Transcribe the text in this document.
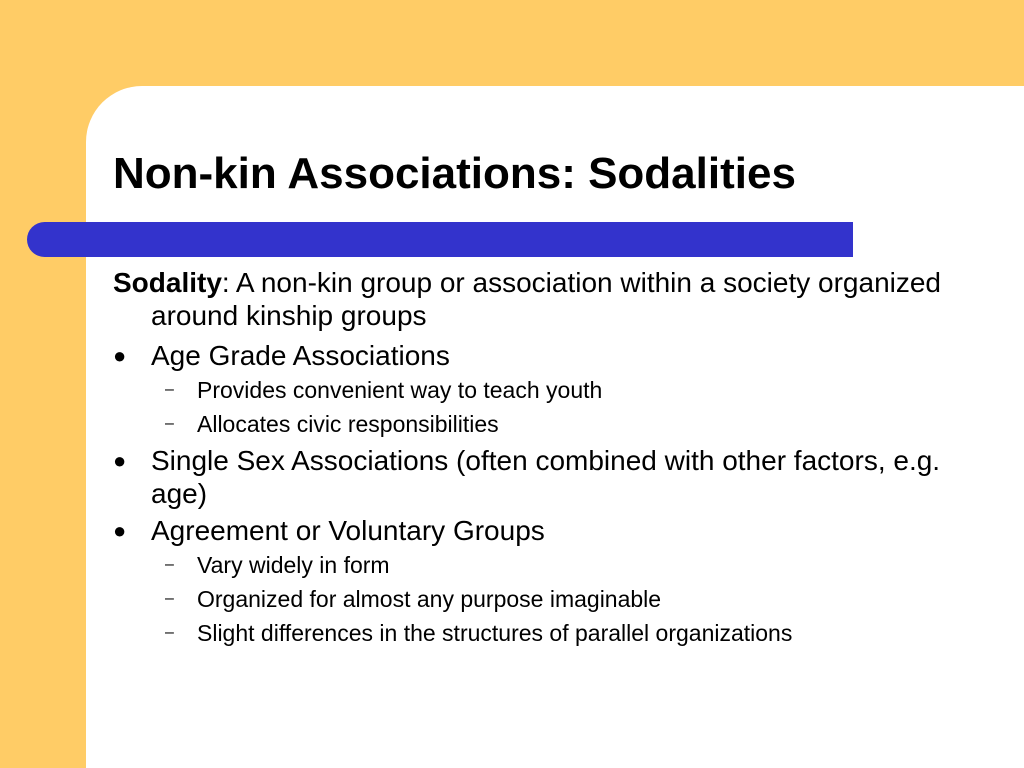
Non-kin Associations: Sodalities

Sodality: A non-kin group or association within a society organized around kinship groups

● Age Grade Associations
– Provides convenient way to teach youth
– Allocates civic responsibilities
● Single Sex Associations (often combined with other factors, e.g. age)
● Agreement or Voluntary Groups
– Vary widely in form
– Organized for almost any purpose imaginable
– Slight differences in the structures of parallel organizations
